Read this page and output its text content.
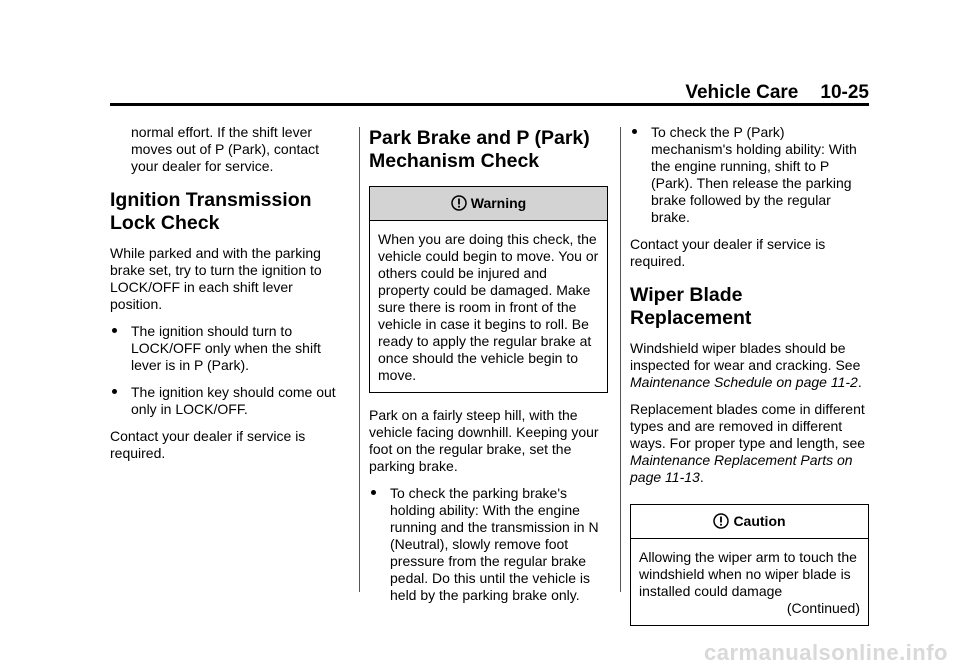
Vehicle Care 10-25

normal effort. If the shift lever moves out of P (Park), contact your dealer for service.

Ignition Transmission Lock Check

While parked and with the parking brake set, try to turn the ignition to LOCK/OFF in each shift lever position.

The ignition should turn to LOCK/OFF only when the shift lever is in P (Park).
The ignition key should come out only in LOCK/OFF.

Contact your dealer if service is required.

Park Brake and P (Park) Mechanism Check
Warning
When you are doing this check, the vehicle could begin to move. You or others could be injured and property could be damaged. Make sure there is room in front of the vehicle in case it begins to roll. Be ready to apply the regular brake at once should the vehicle begin to move.

Park on a fairly steep hill, with the vehicle facing downhill. Keeping your foot on the regular brake, set the parking brake.

To check the parking brake's holding ability: With the engine running and the transmission in N (Neutral), slowly remove foot pressure from the regular brake pedal. Do this until the vehicle is held by the parking brake only.
To check the P (Park) mechanism's holding ability: With the engine running, shift to P (Park). Then release the parking brake followed by the regular brake.

Contact your dealer if service is required.

Wiper Blade Replacement

Windshield wiper blades should be inspected for wear and cracking. See Maintenance Schedule on page 11-2.

Replacement blades come in different types and are removed in different ways. For proper type and length, see Maintenance Replacement Parts on page 11-13.

Caution
Allowing the wiper arm to touch the windshield when no wiper blade is installed could damage
(Continued)
carmanualsonline.info
